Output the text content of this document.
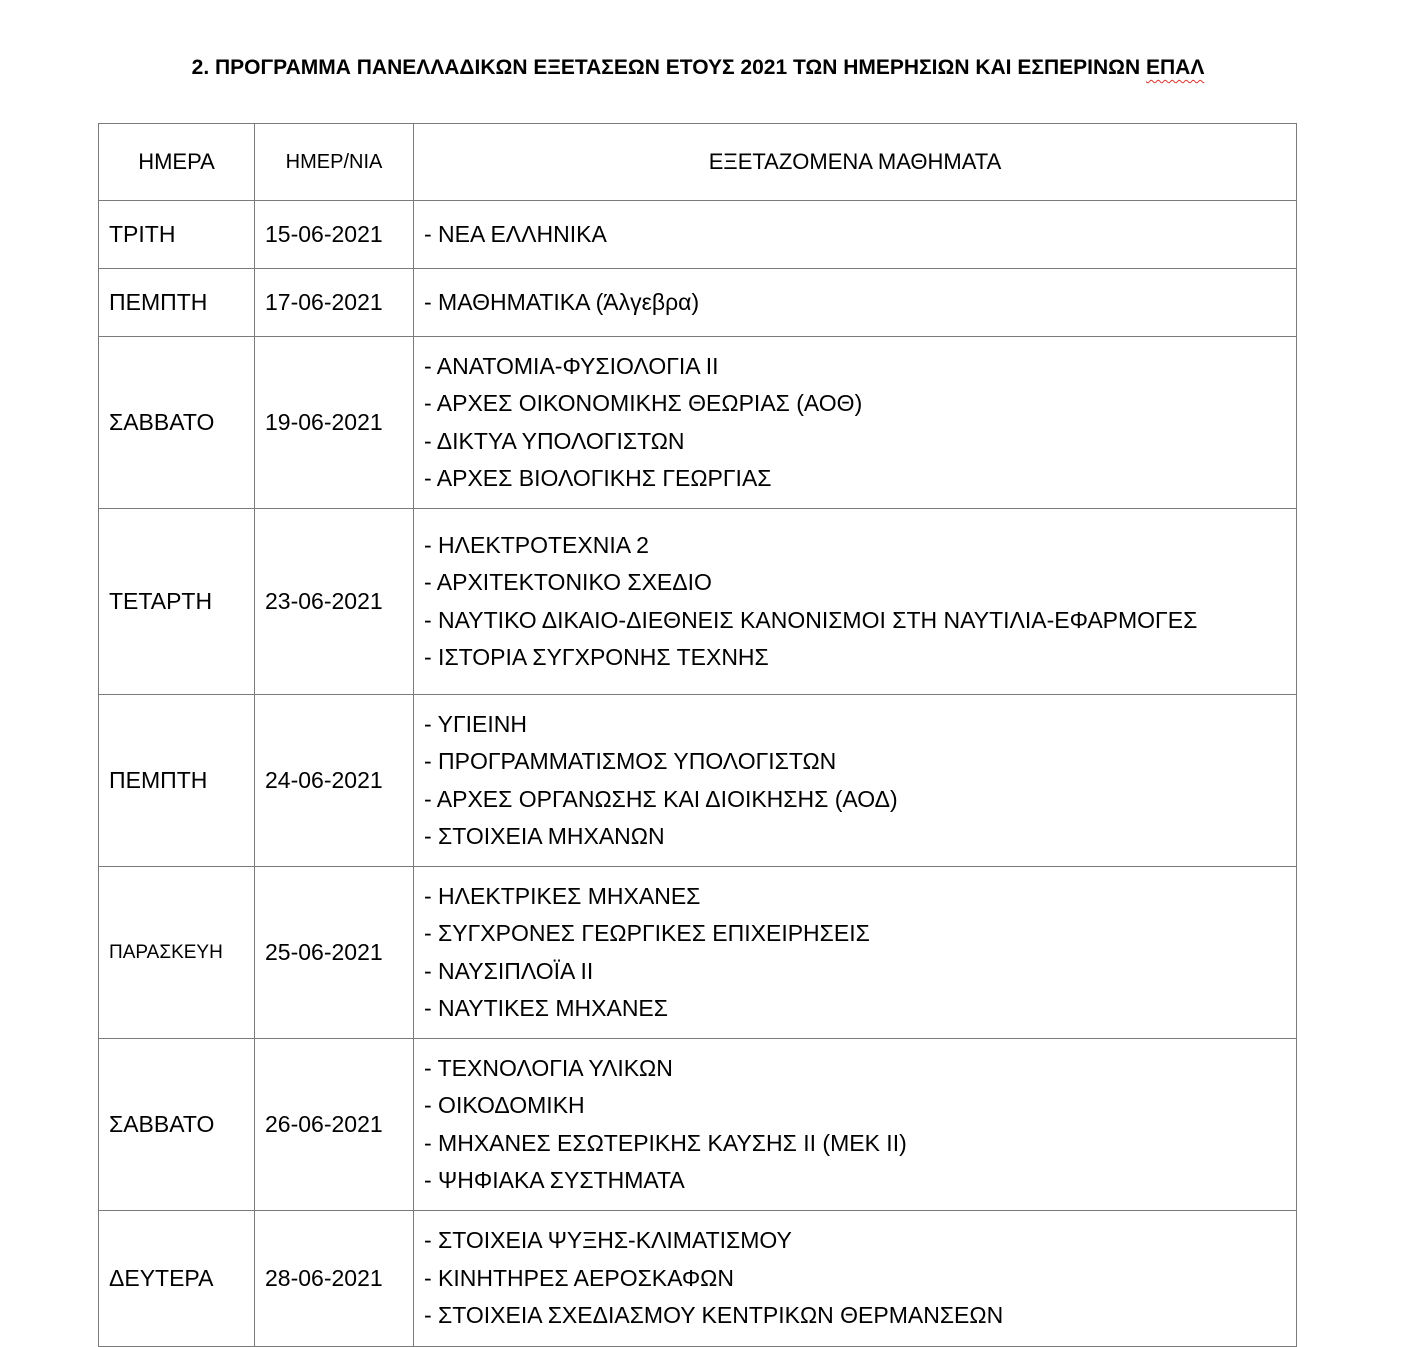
2. ΠΡΟΓΡΑΜΜΑ ΠΑΝΕΛΛΑΔΙΚΩΝ ΕΞΕΤΑΣΕΩΝ ΕΤΟΥΣ 2021 ΤΩΝ ΗΜΕΡΗΣΙΩΝ ΚΑΙ ΕΣΠΕΡΙΝΩΝ ΕΠΑΛ
ΗΜΕΡΑ	ΗΜΕΡ/ΝΙΑ	ΕΞΕΤΑΖΟΜΕΝΑ ΜΑΘΗΜΑΤΑ
ΤΡΙΤΗ	15-06-2021	- ΝΕΑ ΕΛΛΗΝΙΚΑ

ΠΕΜΠΤΗ	17-06-2021	- ΜΑΘΗΜΑΤΙΚΑ (Άλγεβρα)

ΣΑΒΒΑΤΟ	19-06-2021	- ΑΝΑΤΟΜΙΑ-ΦΥΣΙΟΛΟΓΙΑ ΙΙ
- ΑΡΧΕΣ ΟΙΚΟΝΟΜΙΚΗΣ ΘΕΩΡΙΑΣ (ΑΟΘ)
- ΔΙΚΤΥΑ ΥΠΟΛΟΓΙΣΤΩΝ
- ΑΡΧΕΣ ΒΙΟΛΟΓΙΚΗΣ ΓΕΩΡΓΙΑΣ

ΤΕΤΑΡΤΗ	23-06-2021	- ΗΛΕΚΤΡΟΤΕΧΝΙΑ 2
- ΑΡΧΙΤΕΚΤΟΝΙΚΟ ΣΧΕΔΙΟ
- ΝΑΥΤΙΚΟ ΔΙΚΑΙΟ-ΔΙΕΘΝΕΙΣ ΚΑΝΟΝΙΣΜΟΙ ΣΤΗ ΝΑΥΤΙΛΙΑ-ΕΦΑΡΜΟΓΕΣ
- ΙΣΤΟΡΙΑ ΣΥΓΧΡΟΝΗΣ ΤΕΧΝΗΣ

ΠΕΜΠΤΗ	24-06-2021	- ΥΓΙΕΙΝΗ
- ΠΡΟΓΡΑΜΜΑΤΙΣΜΟΣ ΥΠΟΛΟΓΙΣΤΩΝ
- ΑΡΧΕΣ ΟΡΓΑΝΩΣΗΣ ΚΑΙ ΔΙΟΙΚΗΣΗΣ (ΑΟΔ)
- ΣΤΟΙΧΕΙΑ ΜΗΧΑΝΩΝ

ΠΑΡΑΣΚΕΥΗ	25-06-2021	- ΗΛΕΚΤΡΙΚΕΣ ΜΗΧΑΝΕΣ
- ΣΥΓΧΡΟΝΕΣ ΓΕΩΡΓΙΚΕΣ ΕΠΙΧΕΙΡΗΣΕΙΣ
- ΝΑΥΣΙΠΛΟΪΑ ΙΙ
- ΝΑΥΤΙΚΕΣ ΜΗΧΑΝΕΣ

ΣΑΒΒΑΤΟ	26-06-2021	- ΤΕΧΝΟΛΟΓΙΑ ΥΛΙΚΩΝ
- ΟΙΚΟΔΟΜΙΚΗ
- ΜΗΧΑΝΕΣ ΕΣΩΤΕΡΙΚΗΣ ΚΑΥΣΗΣ ΙΙ (ΜΕΚ ΙΙ)
- ΨΗΦΙΑΚΑ ΣΥΣΤΗΜΑΤΑ

ΔΕΥΤΕΡΑ	28-06-2021	- ΣΤΟΙΧΕΙΑ ΨΥΞΗΣ-ΚΛΙΜΑΤΙΣΜΟΥ
- ΚΙΝΗΤΗΡΕΣ ΑΕΡΟΣΚΑΦΩΝ
- ΣΤΟΙΧΕΙΑ ΣΧΕΔΙΑΣΜΟΥ ΚΕΝΤΡΙΚΩΝ ΘΕΡΜΑΝΣΕΩΝ
